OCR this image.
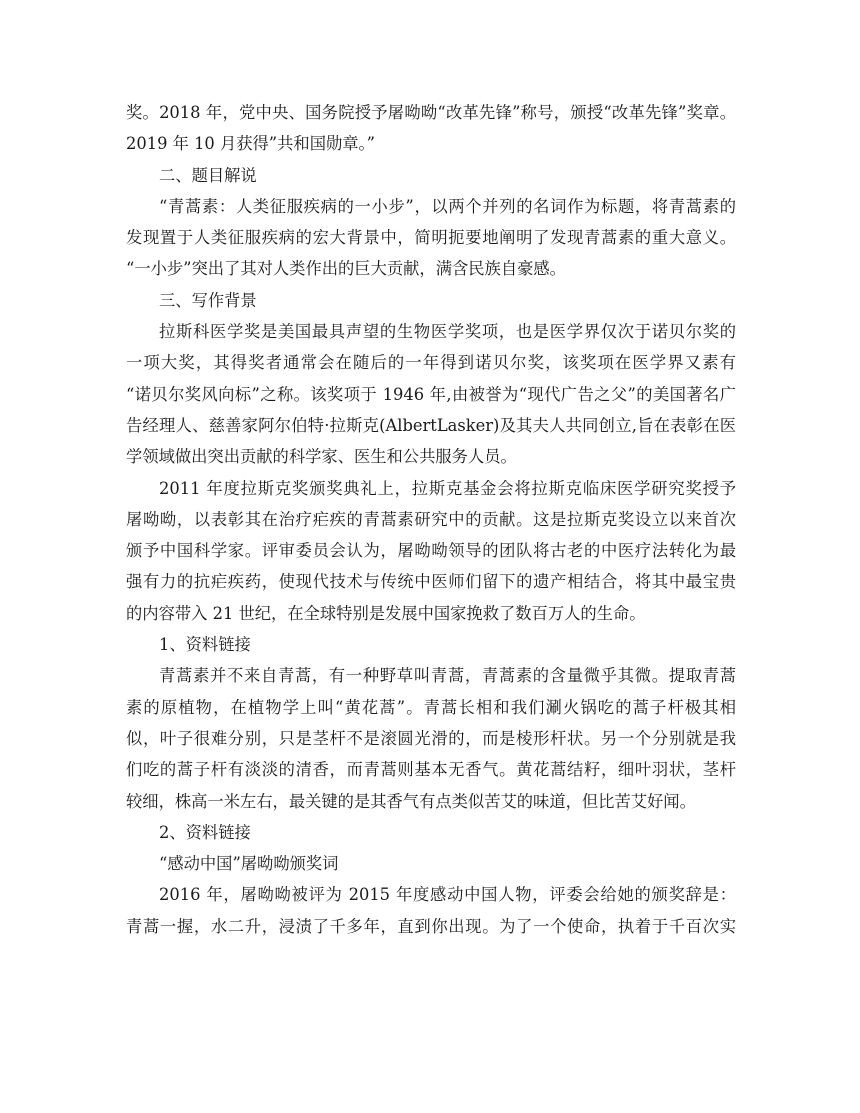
奖。2018 年，党中央、国务院授予屠呦呦“改革先锋”称号，颁授“改革先锋”奖章。
2019 年 10 月获得”共和国勋章。”
二、题目解说
“青蒿素：人类征服疾病的一小步”，以两个并列的名词作为标题，将青蒿素的
发现置于人类征服疾病的宏大背景中，简明扼要地阐明了发现青蒿素的重大意义。
“一小步”突出了其对人类作出的巨大贡献，满含民族自豪感。
三、写作背景
拉斯科医学奖是美国最具声望的生物医学奖项，也是医学界仅次于诺贝尔奖的
一项大奖，其得奖者通常会在随后的一年得到诺贝尔奖，该奖项在医学界又素有
“诺贝尔奖风向标”之称。该奖项于 1946 年,由被誉为“现代广告之父”的美国著名广
告经理人、慈善家阿尔伯特·拉斯克(AlbertLasker)及其夫人共同创立,旨在表彰在医
学领域做出突出贡献的科学家、医生和公共服务人员。
2011 年度拉斯克奖颁奖典礼上，拉斯克基金会将拉斯克临床医学研究奖授予
屠呦呦，以表彰其在治疗疟疾的青蒿素研究中的贡献。这是拉斯克奖设立以来首次
颁予中国科学家。评审委员会认为，屠呦呦领导的团队将古老的中医疗法转化为最
强有力的抗疟疾药，使现代技术与传统中医师们留下的遗产相结合，将其中最宝贵
的内容带入 21 世纪，在全球特别是发展中国家挽救了数百万人的生命。
1、资料链接
青蒿素并不来自青蒿，有一种野草叫青蒿，青蒿素的含量微乎其微。提取青蒿
素的原植物，在植物学上叫“黄花蒿”。青蒿长相和我们涮火锅吃的蒿子杆极其相
似，叶子很难分别，只是茎杆不是滚圆光滑的，而是棱形杆状。另一个分别就是我
们吃的蒿子杆有淡淡的清香，而青蒿则基本无香气。黄花蒿结籽，细叶羽状，茎杆
较细，株高一米左右，最关键的是其香气有点类似苦艾的味道，但比苦艾好闻。
2、资料链接
“感动中国”屠呦呦颁奖词
2016 年，屠呦呦被评为 2015 年度感动中国人物，评委会给她的颁奖辞是：
青蒿一握，水二升，浸渍了千多年，直到你出现。为了一个使命，执着于千百次实
